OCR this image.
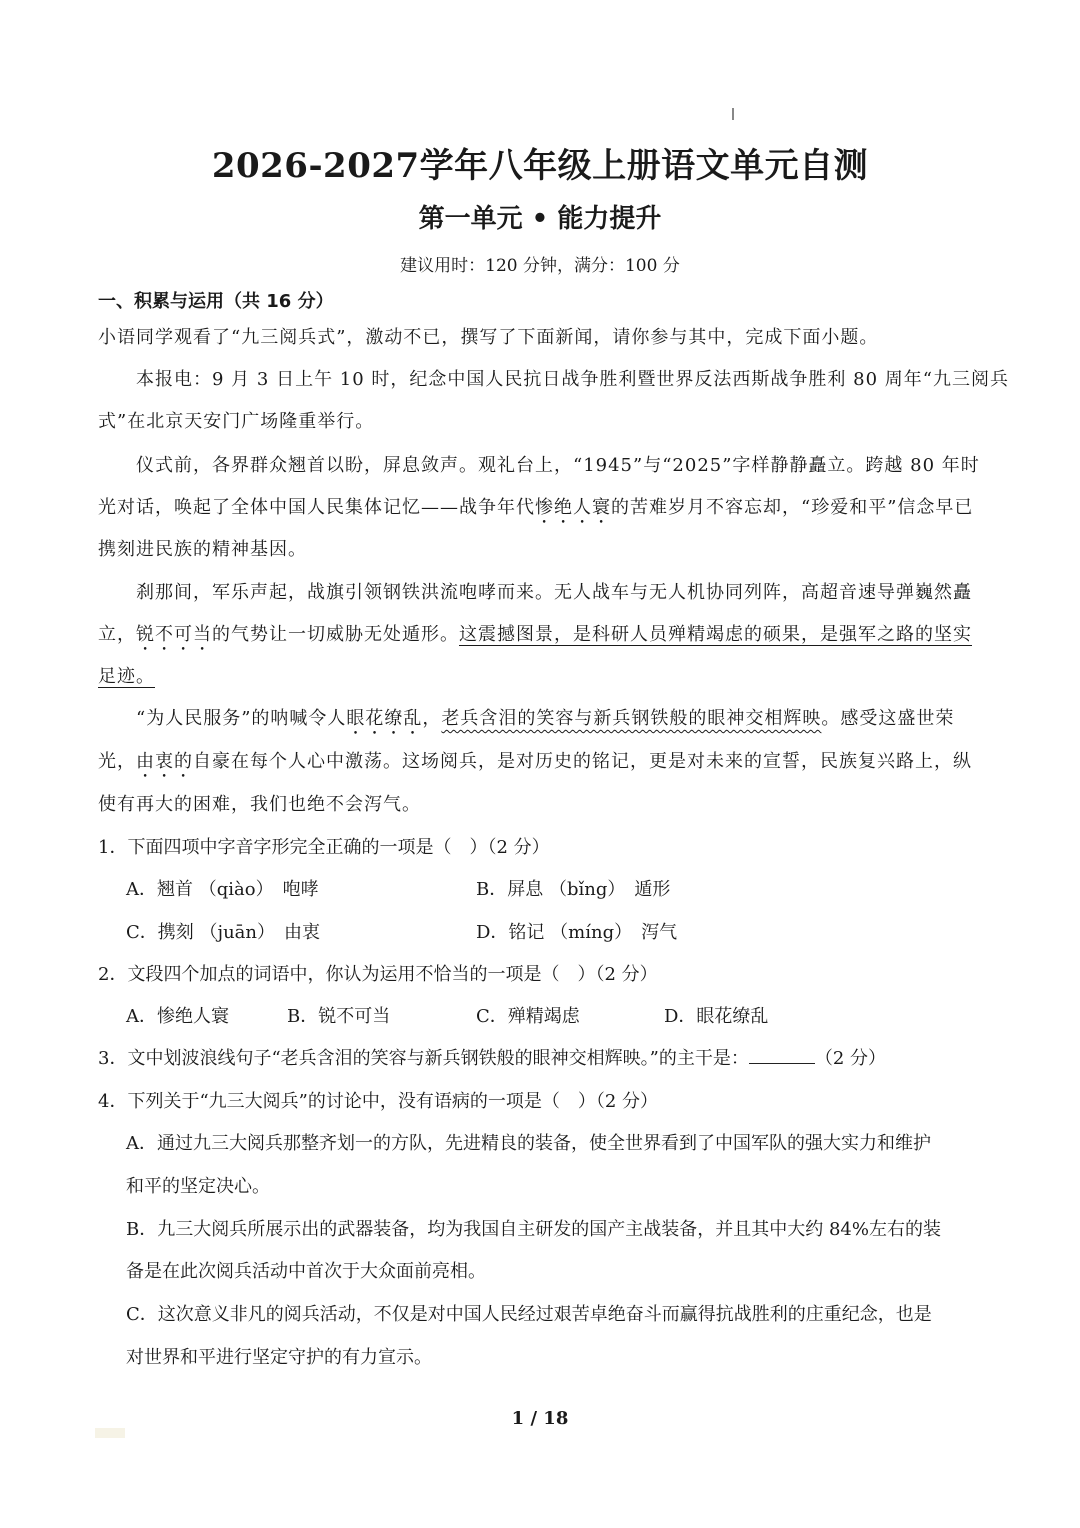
2026-2027学年八年级上册语文单元自测
第一单元 • 能力提升
建议用时：120 分钟，满分：100 分
一、积累与运用（共 16 分）
小语同学观看了“九三阅兵式”，激动不已，撰写了下面新闻，请你参与其中，完成下面小题。
本报电：9 月 3 日上午 10 时，纪念中国人民抗日战争胜利暨世界反法西斯战争胜利 80 周年“九三阅兵
式”在北京天安门广场隆重举行。
仪式前，各界群众翘首以盼，屏息敛声。观礼台上，“1945”与“2025”字样静静矗立。跨越 80 年时
光对话，唤起了全体中国人民集体记忆——战争年代惨绝人寰的苦难岁月不容忘却，“珍爱和平”信念早已
携刻进民族的精神基因。
刹那间，军乐声起，战旗引领钢铁洪流咆哮而来。无人战车与无人机协同列阵，高超音速导弹巍然矗
立，锐不可当的气势让一切威胁无处遁形。这震撼图景，是科研人员殚精竭虑的硕果，是强军之路的坚实
足迹。
“为人民服务”的呐喊令人眼花缭乱，老兵含泪的笑容与新兵钢铁般的眼神交相辉映。感受这盛世荣
光，由衷的自豪在每个人心中激荡。这场阅兵，是对历史的铭记，更是对未来的宣誓，民族复兴路上，纵
使有再大的困难，我们也绝不会泻气。
1．下面四项中字音字形完全正确的一项是（　）（2 分）
A．翘首 （qiào）　咆哮	B．屏息 （bǐng）　遁形
C．携刻 （juān）　由衷	D．铭记 （míng）　泻气
2．文段四个加点的词语中，你认为运用不恰当的一项是（　）（2 分）
A．惨绝人寰	B．锐不可当	C．殚精竭虑	D．眼花缭乱
3．文中划波浪线句子“老兵含泪的笑容与新兵钢铁般的眼神交相辉映。”的主干是：	（2 分）
4．下列关于“九三大阅兵”的讨论中，没有语病的一项是（　）（2 分）
A．通过九三大阅兵那整齐划一的方队，先进精良的装备，使全世界看到了中国军队的强大实力和维护
和平的坚定决心。
B．九三大阅兵所展示出的武器装备，均为我国自主研发的国产主战装备，并且其中大约 84%左右的装
备是在此次阅兵活动中首次于大众面前亮相。
C．这次意义非凡的阅兵活动，不仅是对中国人民经过艰苦卓绝奋斗而赢得抗战胜利的庄重纪念，也是
对世界和平进行坚定守护的有力宣示。
1 / 18
